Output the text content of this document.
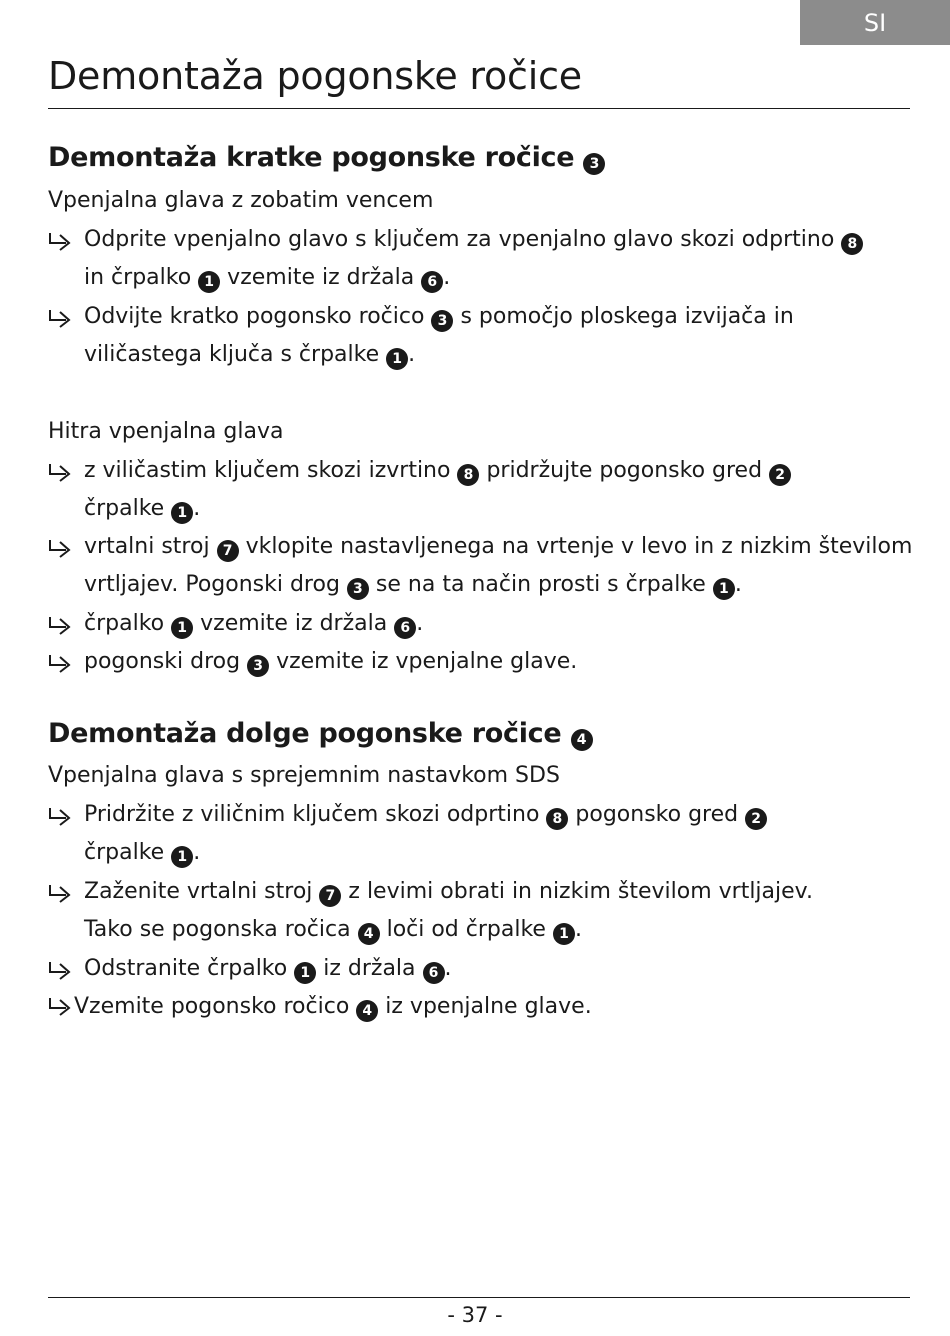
SI
Demontaža pogonske ročice
Demontaža kratke pogonske ročice 3

Vpenjalna glava z zobatim vencem

Odprite vpenjalno glavo s ključem za vpenjalno glavo skozi odprtino 8

in črpalko 1 vzemite iz držala 6 .

Odvijte kratko pogonsko ročico 3 s pomočjo ploskega izvijača in

viličastega ključa s črpalke 1 .

Hitra vpenjalna glava

z viličastim ključem skozi izvrtino 8 pridržujte pogonsko gred 2

črpalke 1 .

vrtalni stroj 7 vklopite nastavljenega na vrtenje v levo in z nizkim številom

vrtljajev. Pogonski drog 3 se na ta način prosti s črpalke 1 .

črpalko 1 vzemite iz držala 6 .

pogonski drog 3 vzemite iz vpenjalne glave.

Demontaža dolge pogonske ročice 4

Vpenjalna glava s sprejemnim nastavkom SDS

Pridržite z viličnim ključem skozi odprtino 8 pogonsko gred 2

črpalke 1 .

Zaženite vrtalni stroj 7 z levimi obrati in nizkim številom vrtljajev.

Tako se pogonska ročica 4 loči od črpalke 1 .

Odstranite črpalko 1 iz držala 6 .

Vzemite pogonsko ročico 4 iz vpenjalne glave.

- 37 -
